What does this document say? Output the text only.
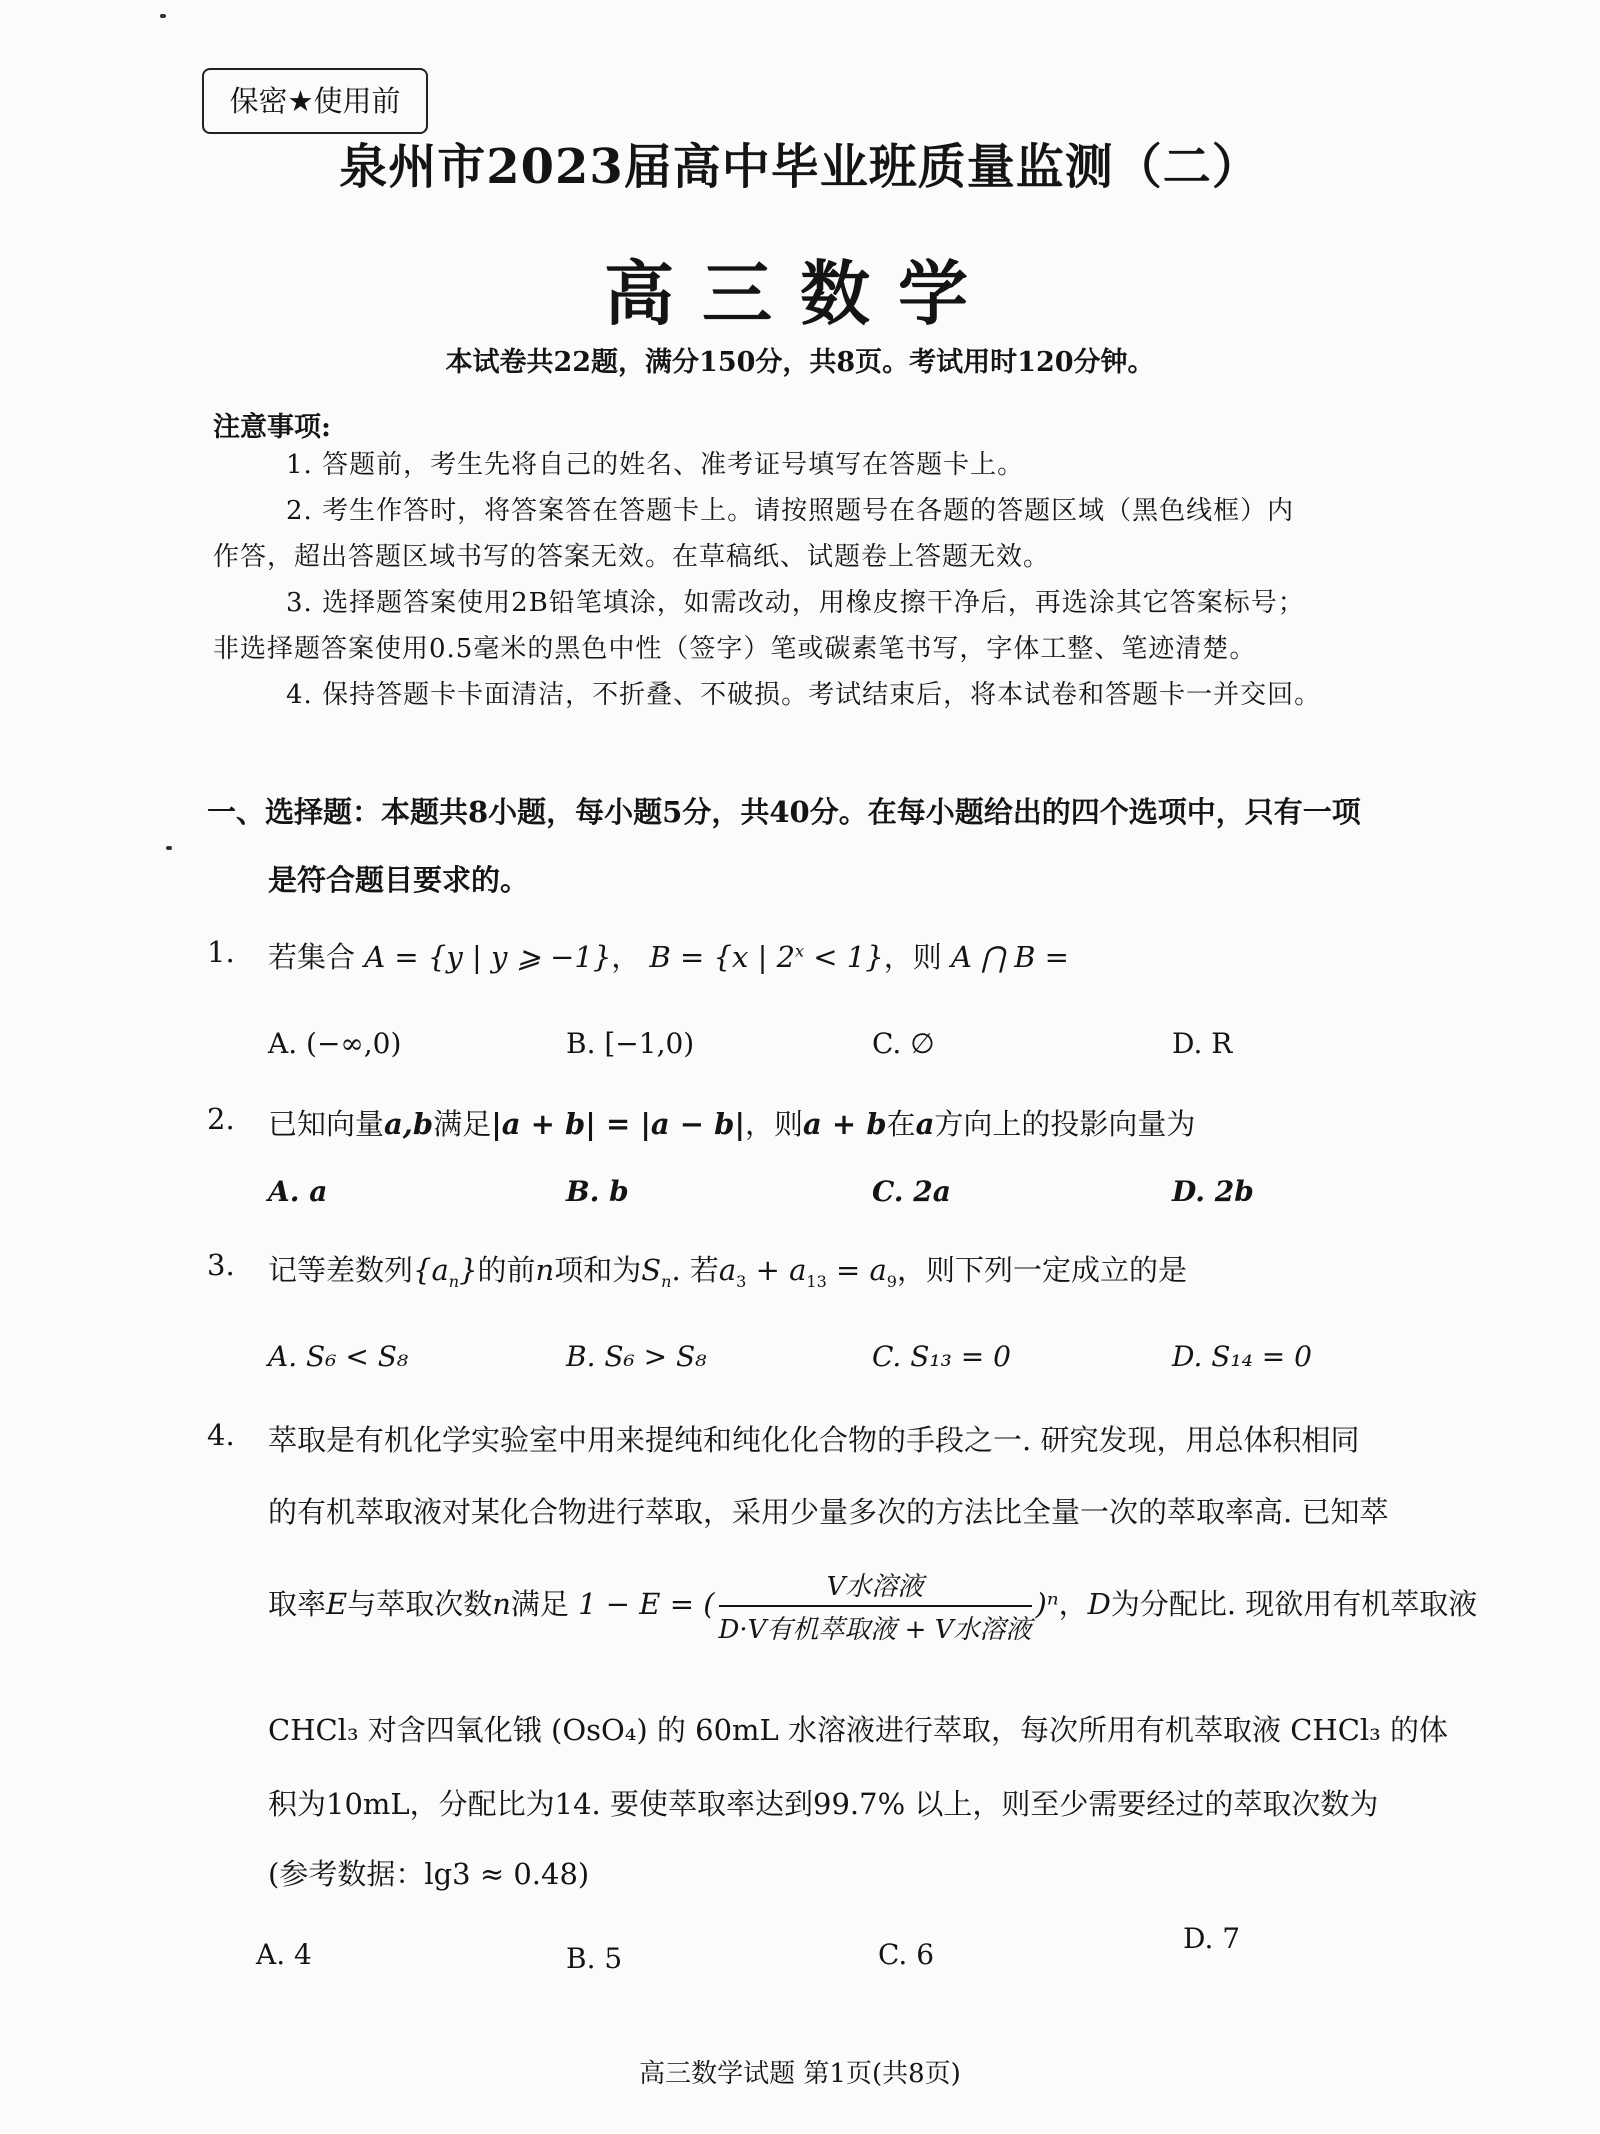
保密★使用前
泉州市2023届高中毕业班质量监测（二）
高三数学
本试卷共22题，满分150分，共8页。考试用时120分钟。
注意事项:
1. 答题前，考生先将自己的姓名、准考证号填写在答题卡上。
2. 考生作答时，将答案答在答题卡上。请按照题号在各题的答题区域（黑色线框）内
作答，超出答题区域书写的答案无效。在草稿纸、试题卷上答题无效。
3. 选择题答案使用2B铅笔填涂，如需改动，用橡皮擦干净后，再选涂其它答案标号；
非选择题答案使用0.5毫米的黑色中性（签字）笔或碳素笔书写，字体工整、笔迹清楚。
4. 保持答题卡卡面清洁，不折叠、不破损。考试结束后，将本试卷和答题卡一并交回。
一、选择题：本题共8小题，每小题5分，共40分。在每小题给出的四个选项中，只有一项
是符合题目要求的。
1. 若集合 A = {y | y ⩾ −1}， B = {x | $2^x < 1$}，则 A ⋂ B =
A. (−∞,0)	B. [−1,0)	C. ∅	D. R
2. 已知向量a,b满足|a + b| = |a − b|，则a + b在a方向上的投影向量为
A. a	B. b	C. 2a	D. 2b
3. 记等差数列$\{a_n\}$的前n项和为$S_n$. 若$a_3 + a_{13} = a_9$，则下列一定成立的是
A. S₆ < S₈	B. S₆ > S₈	C. S₁₃ = 0	D. S₁₄ = 0
4. 萃取是有机化学实验室中用来提纯和纯化化合物的手段之一. 研究发现，用总体积相同
的有机萃取液对某化合物进行萃取，采用少量多次的方法比全量一次的萃取率高. 已知萃
取率E与萃取次数n满足 1 − E = ( $\frac{\text{V水溶液}}{\text{D·V有机萃取液 + V水溶液}} )^n$，D为分配比. 现欲用有机萃取液
CHCl₃ 对含四氧化锇 (OsO₄) 的 60mL 水溶液进行萃取，每次所用有机萃取液 CHCl₃ 的体
积为10mL，分配比为14. 要使萃取率达到99.7% 以上，则至少需要经过的萃取次数为
(参考数据：lg3 ≈ 0.48)
A. 4	B. 5	C. 6	D. 7
高三数学试题 第1页(共8页)
